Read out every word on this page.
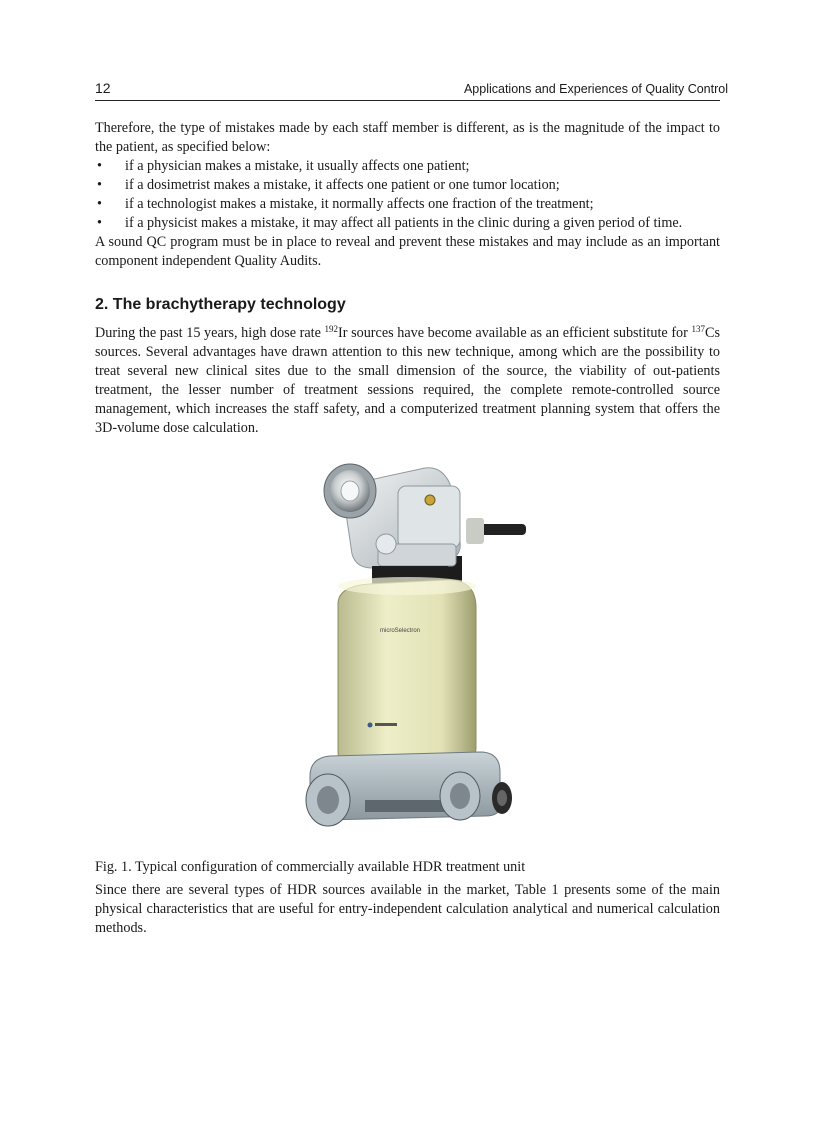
12	Applications and Experiences of Quality Control

Therefore, the type of mistakes made by each staff member is different, as is the magnitude of the impact to the patient, as specified below:

• if a physician makes a mistake, it usually affects one patient;
• if a dosimetrist makes a mistake, it affects one patient or one tumor location;
• if a technologist makes a mistake, it normally affects one fraction of the treatment;
• if a physicist makes a mistake, it may affect all patients in the clinic during a given period of time.

A sound QC program must be in place to reveal and prevent these mistakes and may include as an important component independent Quality Audits.

2. The brachytherapy technology

During the past 15 years, high dose rate $^{192}$Ir sources have become available as an efficient substitute for $^{137}$Cs sources. Several advantages have drawn attention to this new technique, among which are the possibility to treat several new clinical sites due to the small dimension of the source, the viability of out-patients treatment, the lesser number of treatment sessions required, the complete remote-controlled source management, which increases the staff safety, and a computerized treatment planning system that offers the 3D-volume dose calculation.

microSelectron

Fig. 1. Typical configuration of commercially available HDR treatment unit

Since there are several types of HDR sources available in the market, Table 1 presents some of the main physical characteristics that are useful for entry-independent calculation analytical and numerical calculation methods.
